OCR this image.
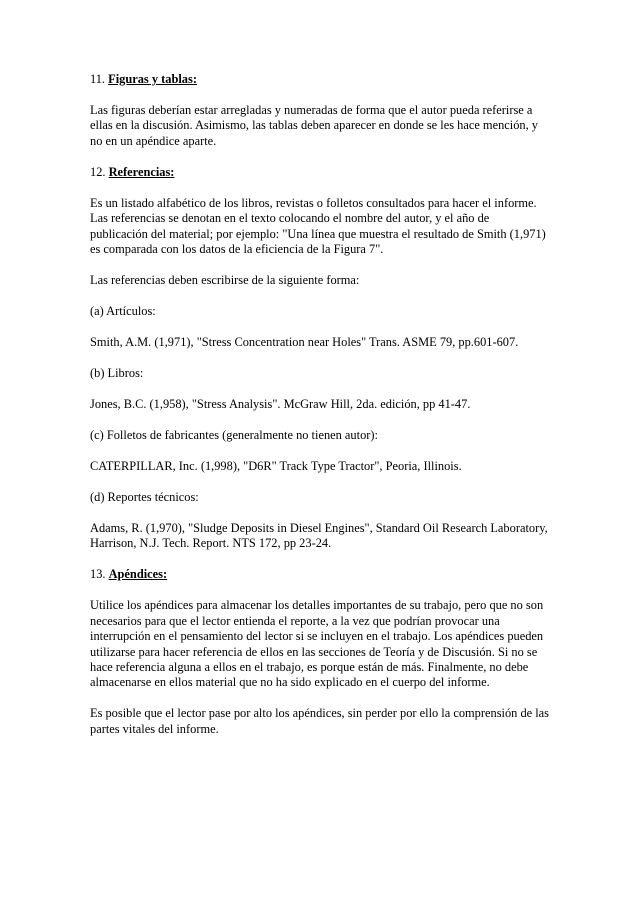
11. Figuras y tablas:

Las figuras deberían estar arregladas y numeradas de forma que el autor pueda referirse a ellas en la discusión. Asimismo, las tablas deben aparecer en donde se les hace mención, y no en un apéndice aparte.

12. Referencias:

Es un listado alfabético de los libros, revistas o folletos consultados para hacer el informe. Las referencias se denotan en el texto colocando el nombre del autor, y el año de publicación del material; por ejemplo: "Una línea que muestra el resultado de Smith (1,971) es comparada con los datos de la eficiencia de la Figura 7".

Las referencias deben escribirse de la siguiente forma:

(a) Artículos:

Smith, A.M. (1,971), "Stress Concentration near Holes" Trans. ASME 79, pp.601-607.

(b) Libros:

Jones, B.C. (1,958), "Stress Analysis". McGraw Hill, 2da. edición, pp 41-47.

(c) Folletos de fabricantes (generalmente no tienen autor):

CATERPILLAR, Inc. (1,998), "D6R" Track Type Tractor", Peoria, Illinois.

(d) Reportes técnicos:

Adams, R. (1,970), "Sludge Deposits in Diesel Engines", Standard Oil Research Laboratory, Harrison, N.J. Tech. Report. NTS 172, pp 23-24.

13. Apéndices:

Utilice los apéndices para almacenar los detalles importantes de su trabajo, pero que no son necesarios para que el lector entienda el reporte, a la vez que podrían provocar una interrupción en el pensamiento del lector si se incluyen en el trabajo. Los apéndices pueden utilizarse para hacer referencia de ellos en las secciones de Teoría y de Discusión. Si no se hace referencia alguna a ellos en el trabajo, es porque están de más. Finalmente, no debe almacenarse en ellos material que no ha sido explicado en el cuerpo del informe.

Es posible que el lector pase por alto los apéndices, sin perder por ello la comprensión de las partes vitales del informe.
